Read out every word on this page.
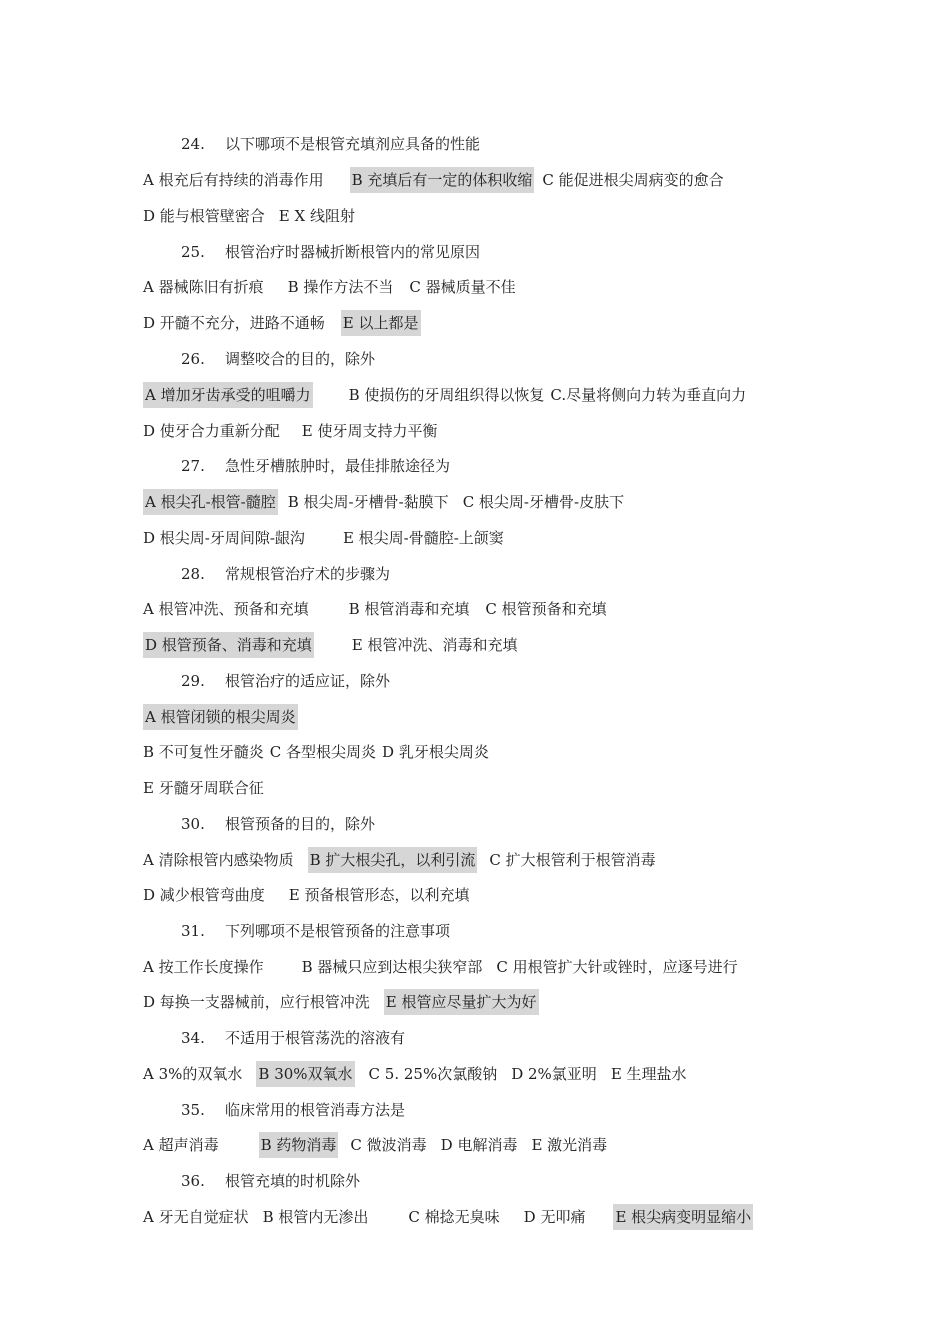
24. 以下哪项不是根管充填剂应具备的性能
A 根充后有持续的消毒作用 B 充填后有一定的体积收缩 C 能促进根尖周病变的愈合
D 能与根管壁密合 E X 线阻射
25. 根管治疗时器械折断根管内的常见原因
A 器械陈旧有折痕 B 操作方法不当 C 器械质量不佳
D 开髓不充分，进路不通畅 E 以上都是
26. 调整咬合的目的，除外
A 增加牙齿承受的咀嚼力	B 使损伤的牙周组织得以恢复 C.尽量将侧向力转为垂直向力
D 使牙合力重新分配 E 使牙周支持力平衡
27. 急性牙槽脓肿时，最佳排脓途径为
A 根尖孔-根管-髓腔 B 根尖周-牙槽骨-黏膜下 C 根尖周-牙槽骨-皮肤下
D 根尖周-牙周间隙-龈沟	E 根尖周-骨髓腔-上颌窦
28. 常规根管治疗术的步骤为
A 根管冲洗、预备和充填	B 根管消毒和充填 C 根管预备和充填
D 根管预备、消毒和充填	E 根管冲洗、消毒和充填
29. 根管治疗的适应证，除外
A 根管闭锁的根尖周炎
B 不可复性牙髓炎 C 各型根尖周炎 D 乳牙根尖周炎
E 牙髓牙周联合征
30. 根管预备的目的，除外
A 清除根管内感染物质 B 扩大根尖孔，以利引流 C 扩大根管利于根管消毒
D 减少根管弯曲度 E 预备根管形态，以利充填
31. 下列哪项不是根管预备的注意事项
A 按工作长度操作	B 器械只应到达根尖狭窄部 C 用根管扩大针或锉时，应逐号进行
D 每换一支器械前，应行根管冲洗 E 根管应尽量扩大为好
34. 不适用于根管荡洗的溶液有
A 3%的双氧水 B 30%双氧水 C 5. 25%次氯酸钠 D 2%氯亚明 E 生理盐水
35. 临床常用的根管消毒方法是
A 超声消毒	B 药物消毒 C 微波消毒 D 电解消毒 E 激光消毒
36. 根管充填的时机除外
A 牙无自觉症状 B 根管内无渗出	C 棉捻无臭味 D 无叩痛 E 根尖病变明显缩小
